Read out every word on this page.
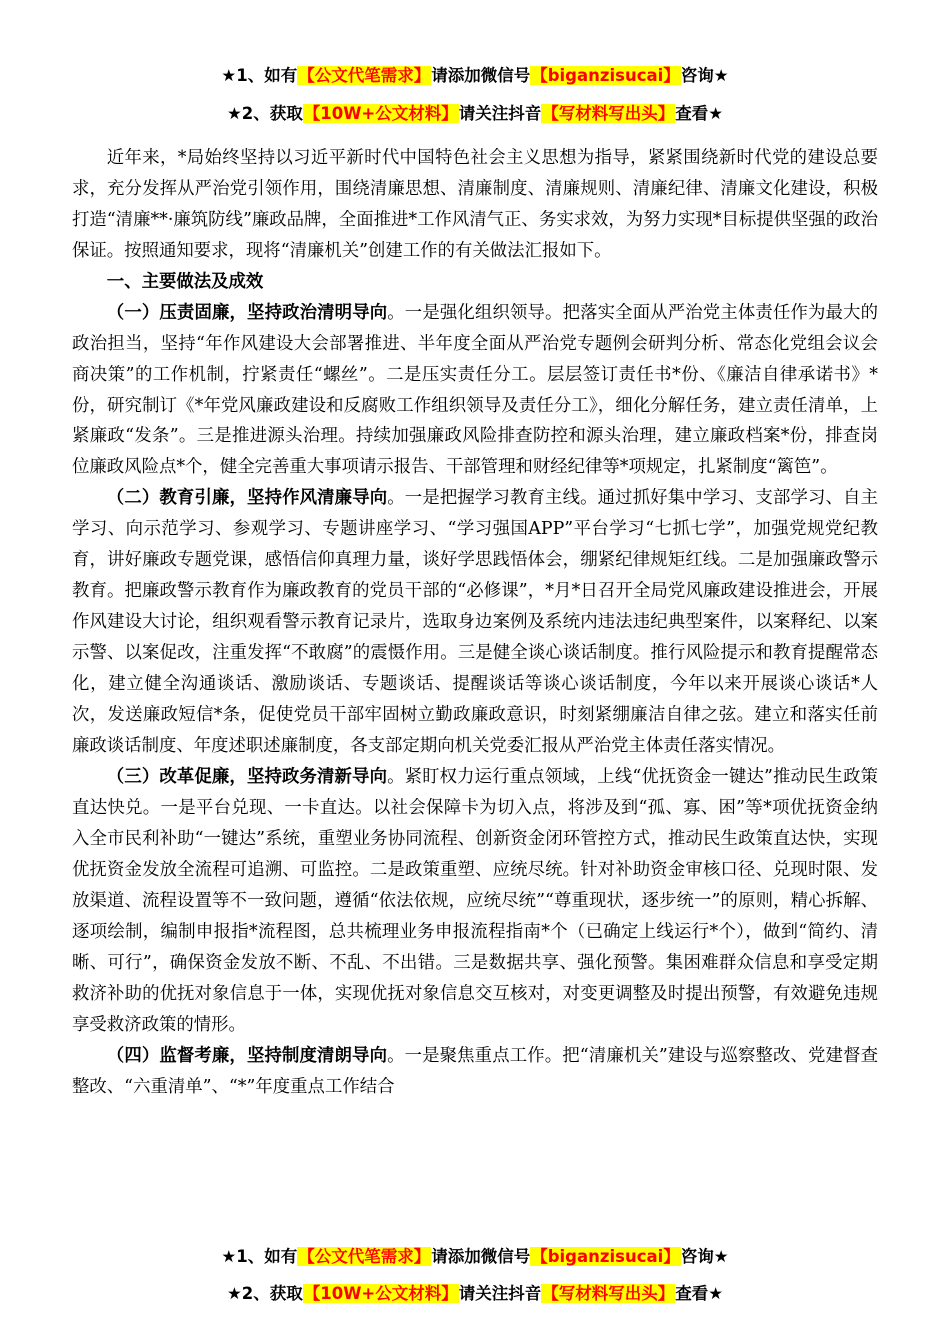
★1、如有【公文代笔需求】请添加微信号【biganzisucai】咨询★
★2、获取【10W+公文材料】请关注抖音【写材料写出头】查看★

近年来，*局始终坚持以习近平新时代中国特色社会主义思想为指导，紧紧围绕新时代党的建设总要求，充分发挥从严治党引领作用，围绕清廉思想、清廉制度、清廉规则、清廉纪律、清廉文化建设，积极打造“清廉**·廉筑防线”廉政品牌，全面推进*工作风清气正、务实求效，为努力实现*目标提供坚强的政治保证。按照通知要求，现将“清廉机关”创建工作的有关做法汇报如下。

一、主要做法及成效

（一）压责固廉，坚持政治清明导向。一是强化组织领导。把落实全面从严治党主体责任作为最大的政治担当，坚持“年作风建设大会部署推进、半年度全面从严治党专题例会研判分析、常态化党组会议会商决策”的工作机制，拧紧责任“螺丝”。二是压实责任分工。层层签订责任书*份、《廉洁自律承诺书》*份，研究制订《*年党风廉政建设和反腐败工作组织领导及责任分工》，细化分解任务，建立责任清单，上紧廉政“发条”。三是推进源头治理。持续加强廉政风险排查防控和源头治理，建立廉政档案*份，排查岗位廉政风险点*个，健全完善重大事项请示报告、干部管理和财经纪律等*项规定，扎紧制度“篱笆”。

（二）教育引廉，坚持作风清廉导向。一是把握学习教育主线。通过抓好集中学习、支部学习、自主学习、向示范学习、参观学习、专题讲座学习、“学习强国APP”平台学习“七抓七学”，加强党规党纪教育，讲好廉政专题党课，感悟信仰真理力量，谈好学思践悟体会，绷紧纪律规矩红线。二是加强廉政警示教育。把廉政警示教育作为廉政教育的党员干部的“必修课”，*月*日召开全局党风廉政建设推进会，开展作风建设大讨论，组织观看警示教育记录片，选取身边案例及系统内违法违纪典型案件，以案释纪、以案示警、以案促改，注重发挥“不敢腐”的震慑作用。三是健全谈心谈话制度。推行风险提示和教育提醒常态化，建立健全沟通谈话、激励谈话、专题谈话、提醒谈话等谈心谈话制度，今年以来开展谈心谈话*人次，发送廉政短信*条，促使党员干部牢固树立勤政廉政意识，时刻紧绷廉洁自律之弦。建立和落实任前廉政谈话制度、年度述职述廉制度，各支部定期向机关党委汇报从严治党主体责任落实情况。

（三）改革促廉，坚持政务清新导向。紧盯权力运行重点领域，上线“优抚资金一键达”推动民生政策直达快兑。一是平台兑现、一卡直达。以社会保障卡为切入点，将涉及到“孤、寡、困”等*项优抚资金纳入全市民利补助“一键达”系统，重塑业务协同流程、创新资金闭环管控方式，推动民生政策直达快，实现优抚资金发放全流程可追溯、可监控。二是政策重塑、应统尽统。针对补助资金审核口径、兑现时限、发放渠道、流程设置等不一致问题，遵循“依法依规，应统尽统”“尊重现状，逐步统一”的原则，精心拆解、逐项绘制，编制申报指*流程图，总共梳理业务申报流程指南*个（已确定上线运行*个），做到“简约、清晰、可行”，确保资金发放不断、不乱、不出错。三是数据共享、强化预警。集困难群众信息和享受定期救济补助的优抚对象信息于一体，实现优抚对象信息交互核对，对变更调整及时提出预警，有效避免违规享受救济政策的情形。

（四）监督考廉，坚持制度清朗导向。一是聚焦重点工作。把“清廉机关”建设与巡察整改、党建督查整改、“六重清单”、“*”年度重点工作结合

★1、如有【公文代笔需求】请添加微信号【biganzisucai】咨询★
★2、获取【10W+公文材料】请关注抖音【写材料写出头】查看★
